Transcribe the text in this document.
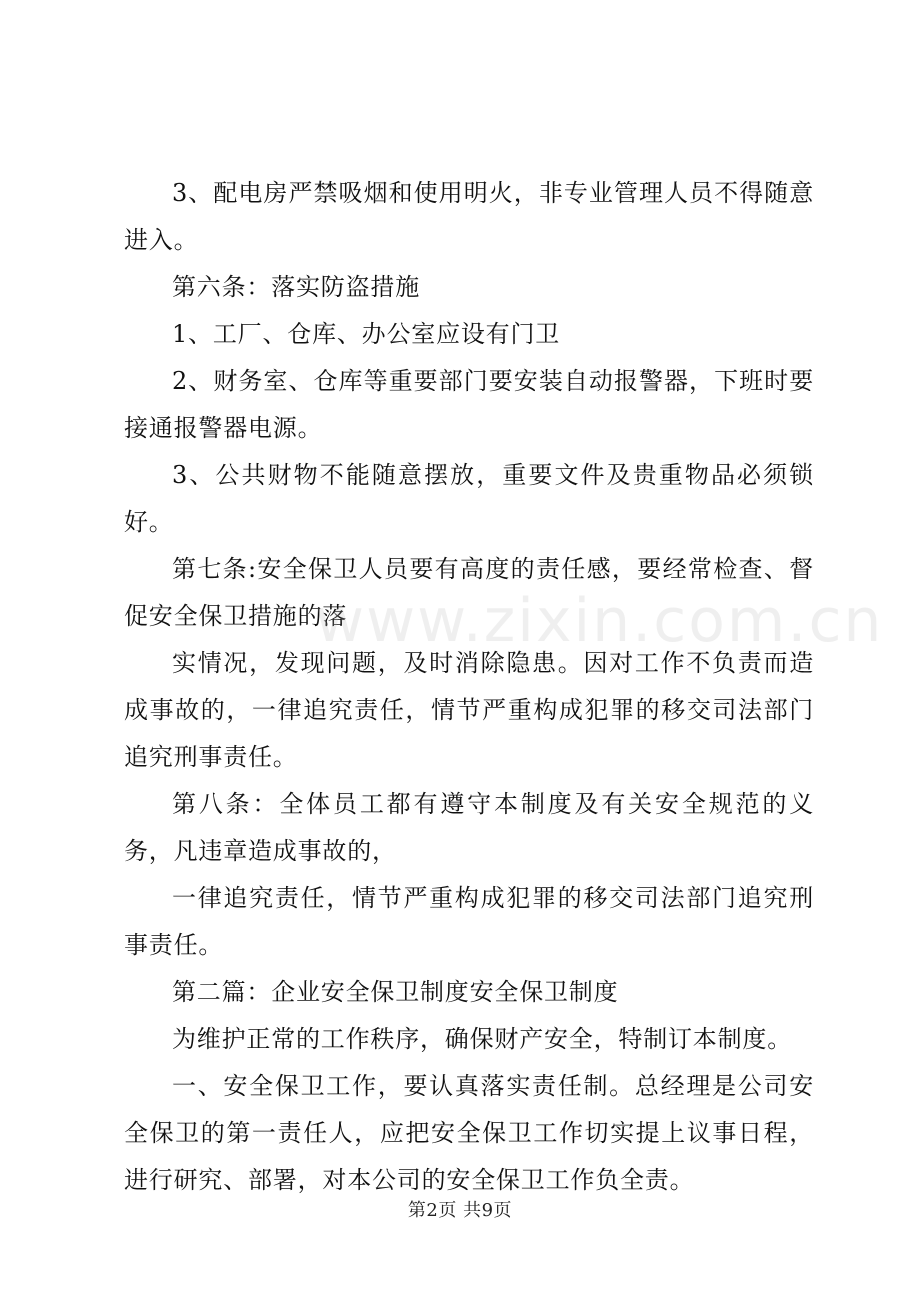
3、配电房严禁吸烟和使用明火，非专业管理人员不得随意进入。

第六条：落实防盗措施

1、工厂、仓库、办公室应设有门卫

2、财务室、仓库等重要部门要安装自动报警器，下班时要接通报警器电源。

3、公共财物不能随意摆放，重要文件及贵重物品必须锁好。

第七条:安全保卫人员要有高度的责任感，要经常检查、督促安全保卫措施的落

实情况，发现问题，及时消除隐患。因对工作不负责而造成事故的，一律追究责任，情节严重构成犯罪的移交司法部门追究刑事责任。

第八条：全体员工都有遵守本制度及有关安全规范的义务，凡违章造成事故的，

一律追究责任，情节严重构成犯罪的移交司法部门追究刑事责任。

第二篇：企业安全保卫制度安全保卫制度

为维护正常的工作秩序，确保财产安全，特制订本制度。

一、安全保卫工作，要认真落实责任制。总经理是公司安全保卫的第一责任人，应把安全保卫工作切实提上议事日程，进行研究、部署，对本公司的安全保卫工作负全责。

www.zixin.com.cn
第2页 共9页
